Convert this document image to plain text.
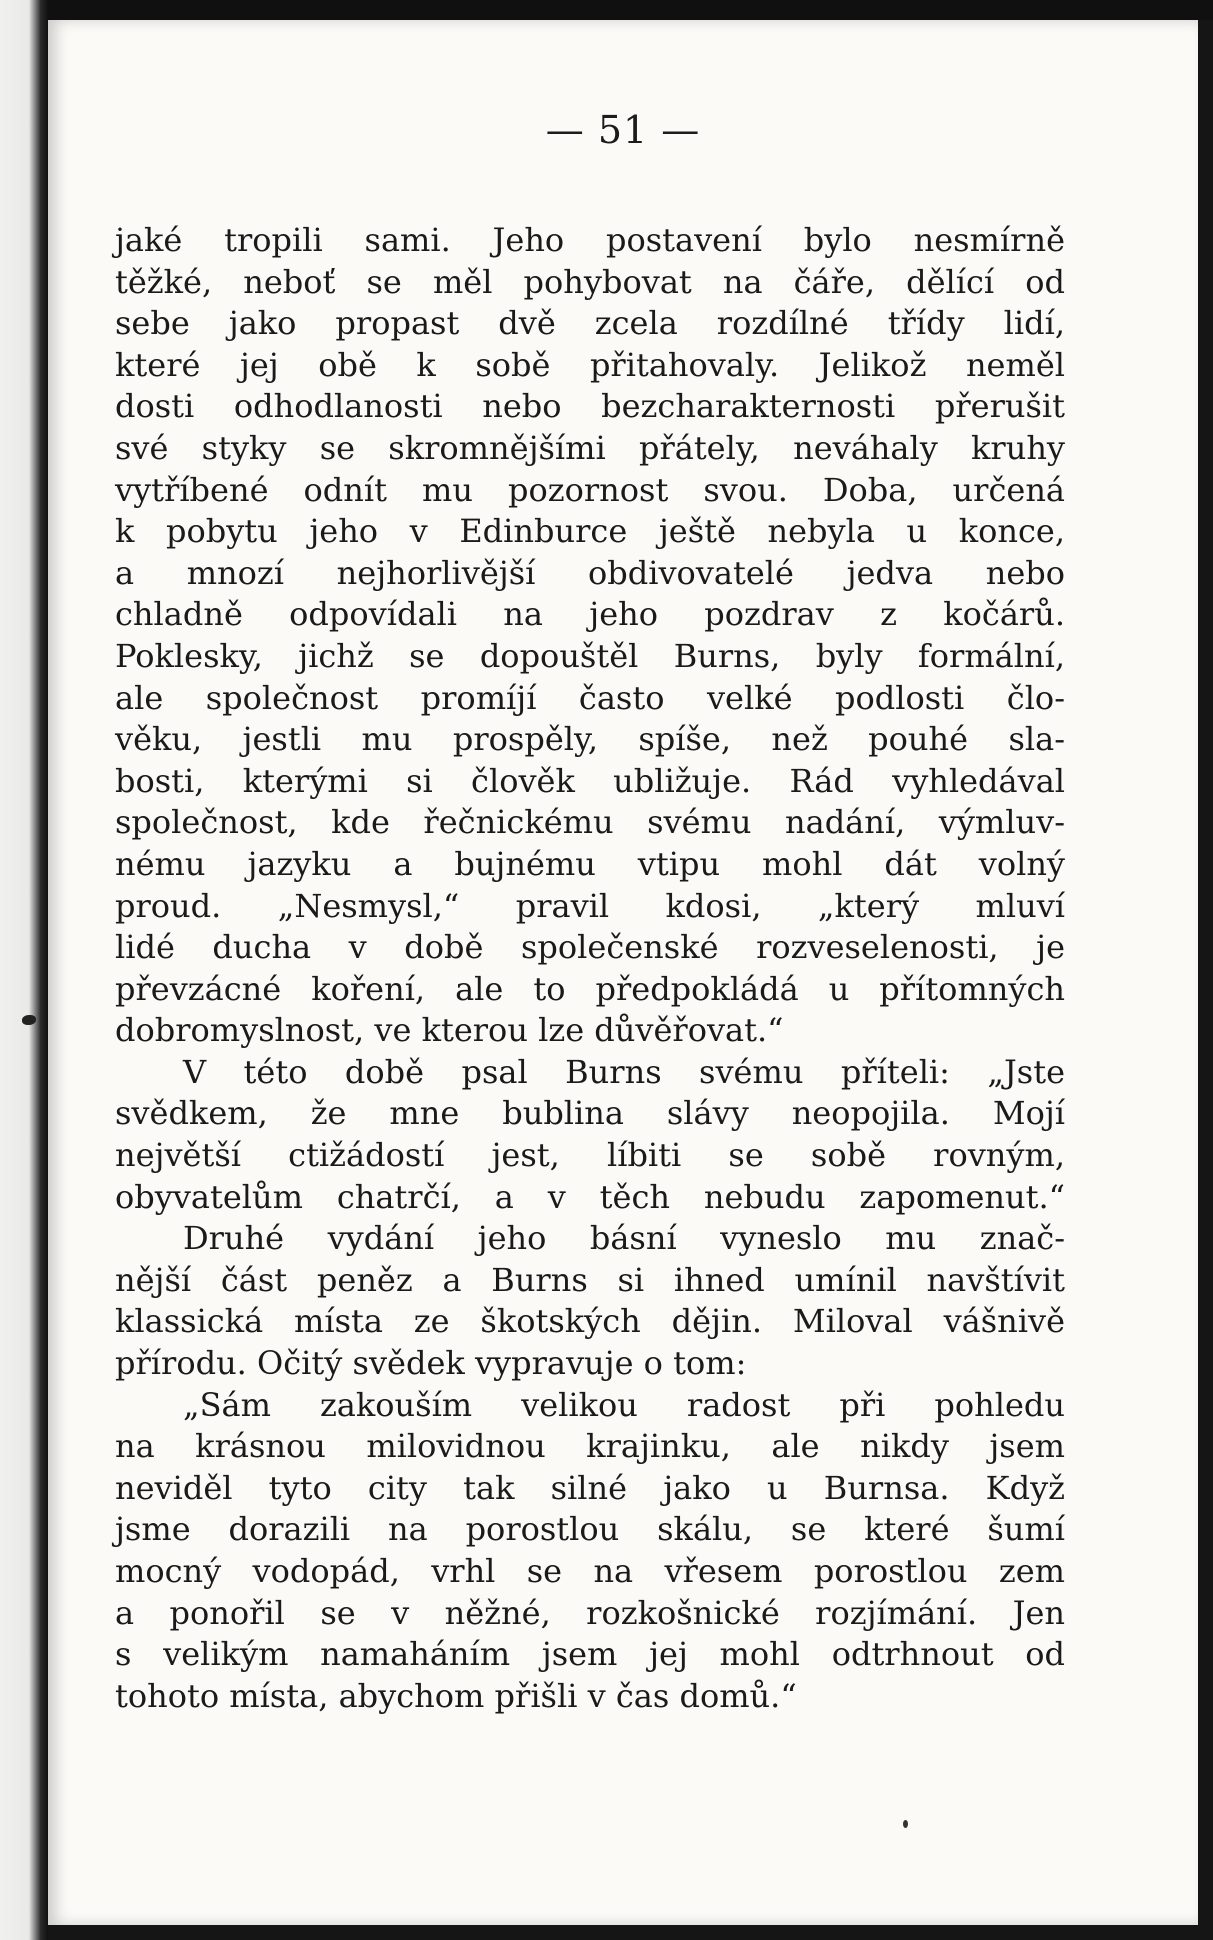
— 51 —

jaké tropili sami. Jeho postavení bylo nesmírně
těžké, neboť se měl pohybovat na čáře, dělící od
sebe jako propast dvě zcela rozdílné třídy lidí,
které jej obě k sobě přitahovaly. Jelikož neměl
dosti odhodlanosti nebo bezcharakternosti přerušit
své styky se skromnějšími přátely, neváhaly kruhy
vytříbené odnít mu pozornost svou. Doba, určená
k pobytu jeho v Edinburce ještě nebyla u konce,
a mnozí nejhorlivější obdivovatelé jedva nebo
chladně odpovídali na jeho pozdrav z kočárů.
Poklesky, jichž se dopouštěl Burns, byly formální,
ale společnost promíjí často velké podlosti člo-
věku, jestli mu prospěly, spíše, než pouhé sla-
bosti, kterými si člověk ubližuje. Rád vyhledával
společnost, kde řečnickému svému nadání, výmluv-
nému jazyku a bujnému vtipu mohl dát volný
proud. „Nesmysl,“ pravil kdosi, „který mluví
lidé ducha v době společenské rozveselenosti, je
převzácné koření, ale to předpokládá u přítomných
dobromyslnost, ve kterou lze důvěřovat.“
V této době psal Burns svému příteli: „Jste
svědkem, že mne bublina slávy neopojila. Mojí
největší ctižádostí jest, líbiti se sobě rovným,
obyvatelům chatrčí, a v těch nebudu zapomenut.“
Druhé vydání jeho básní vyneslo mu znač-
nější část peněz a Burns si ihned umínil navštívit
klassická místa ze škotských dějin. Miloval vášnivě
přírodu. Očitý svědek vypravuje o tom:
„Sám zakouším velikou radost při pohledu
na krásnou milovidnou krajinku, ale nikdy jsem
neviděl tyto city tak silné jako u Burnsa. Když
jsme dorazili na porostlou skálu, se které šumí
mocný vodopád, vrhl se na vřesem porostlou zem
a ponořil se v něžné, rozkošnické rozjímání. Jen
s velikým namaháním jsem jej mohl odtrhnout od
tohoto místa, abychom přišli v čas domů.“
